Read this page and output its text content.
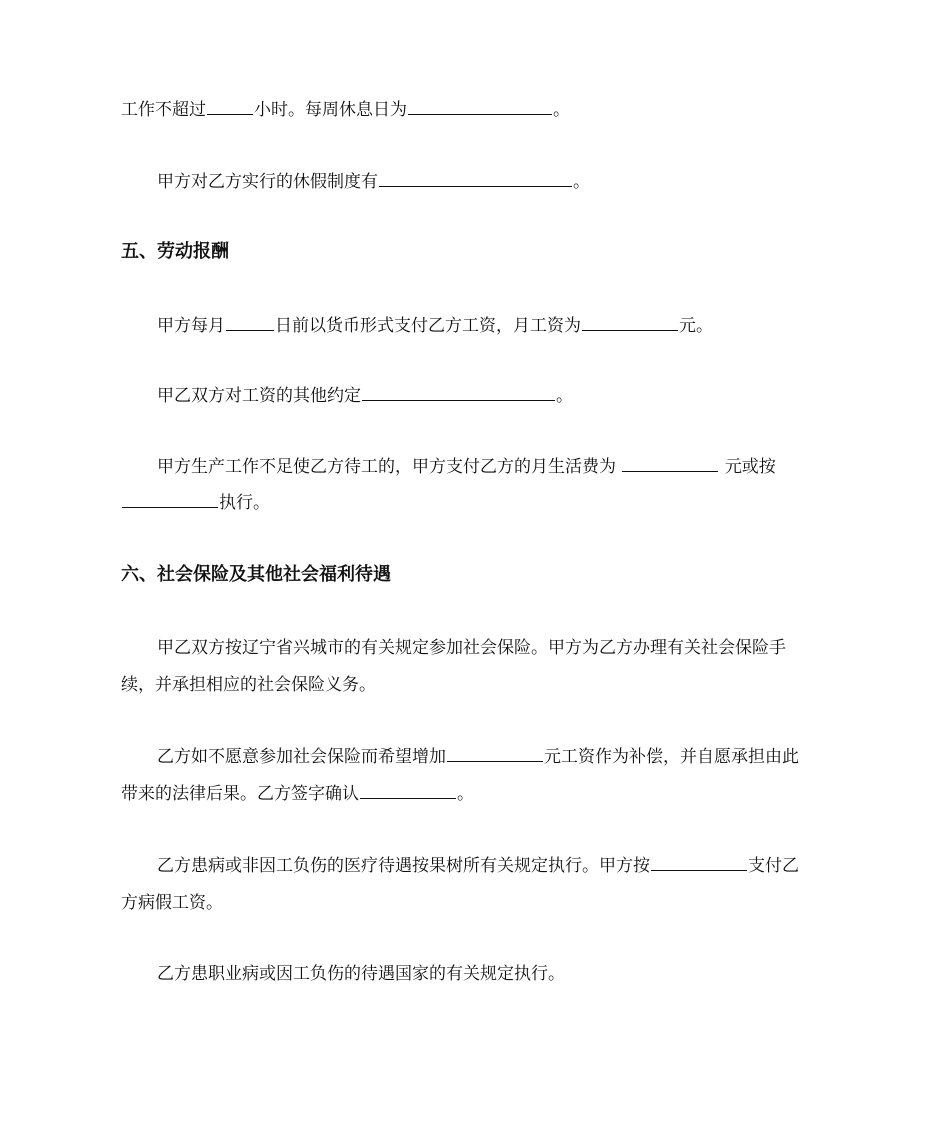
工作不超过	小时。每周休息日为	。
甲方对乙方实行的休假制度有	。
五、劳动报酬
甲方每月	日前以货币形式支付乙方工资，月工资为	元。
甲乙双方对工资的其他约定	。
甲方生产工作不足使乙方待工的，甲方支付乙方的月生活费为	元或按
执行。
六、社会保险及其他社会福利待遇
甲乙双方按辽宁省兴城市的有关规定参加社会保险。甲方为乙方办理有关社会保险手
续，并承担相应的社会保险义务。
乙方如不愿意参加社会保险而希望增加	元工资作为补偿，并自愿承担由此
带来的法律后果。乙方签字确认	。
乙方患病或非因工负伤的医疗待遇按果树所有关规定执行。甲方按	支付乙
方病假工资。
乙方患职业病或因工负伤的待遇国家的有关规定执行。
